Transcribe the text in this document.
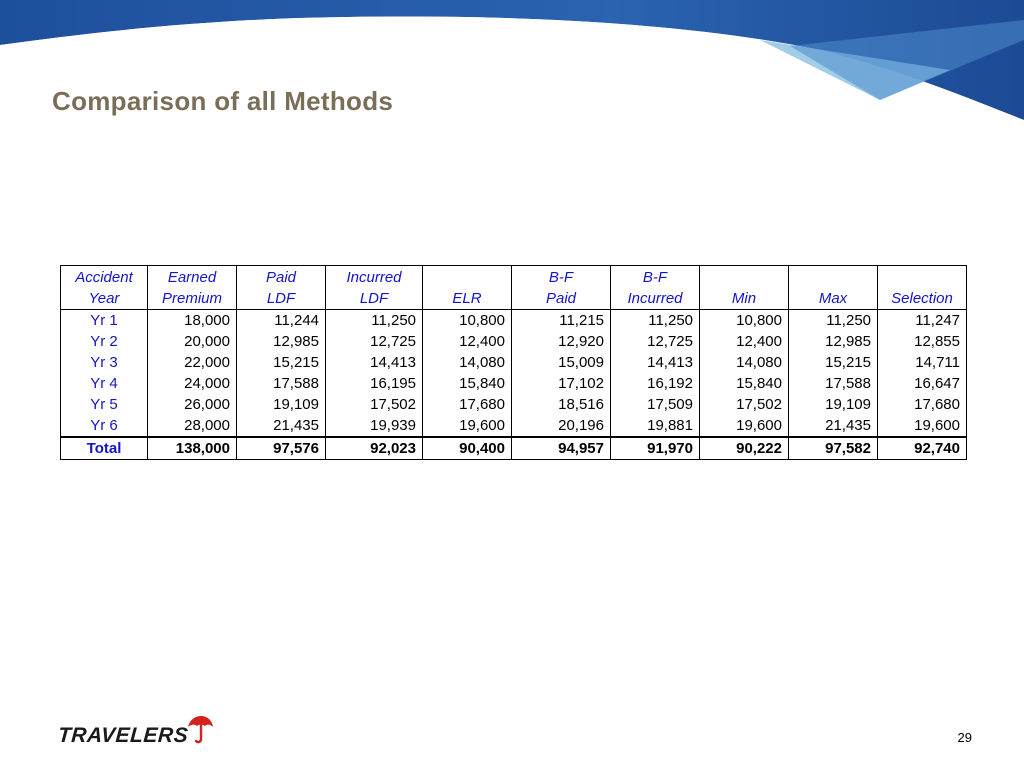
Comparison of all Methods
Accident	Earned	Paid	Incurred		B-F	B-F			
Year	Premium	LDF	LDF	ELR	Paid	Incurred	Min	Max	Selection
Yr 1	18,000	11,244	11,250	10,800	11,215	11,250	10,800	11,250	11,247
Yr 2	20,000	12,985	12,725	12,400	12,920	12,725	12,400	12,985	12,855
Yr 3	22,000	15,215	14,413	14,080	15,009	14,413	14,080	15,215	14,711
Yr 4	24,000	17,588	16,195	15,840	17,102	16,192	15,840	17,588	16,647
Yr 5	26,000	19,109	17,502	17,680	18,516	17,509	17,502	19,109	17,680
Yr 6	28,000	21,435	19,939	19,600	20,196	19,881	19,600	21,435	19,600
Total	138,000	97,576	92,023	90,400	94,957	91,970	90,222	97,582	92,740
TRAVELERS	29
